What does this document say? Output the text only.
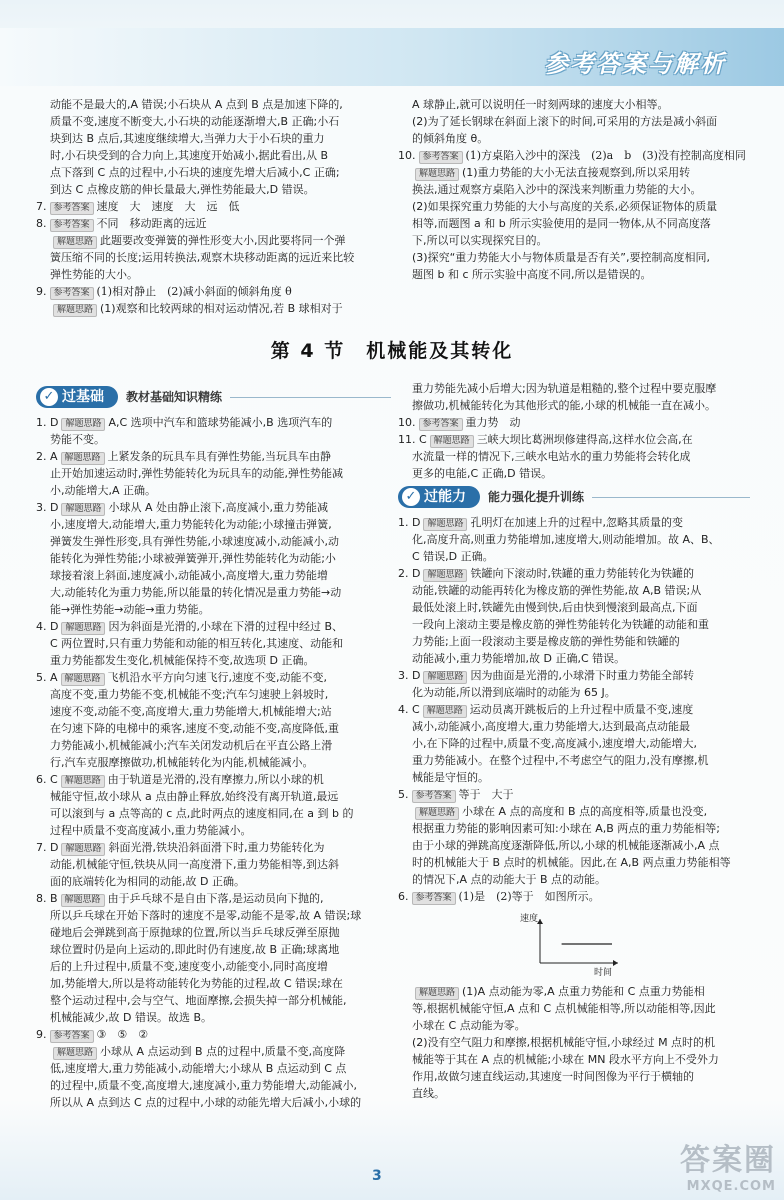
参考答案与解析

动能不是最大的,A 错误;小石块从 A 点到 B 点是加速下降的,

质量不变,速度不断变大,小石块的动能逐渐增大,B 正确;小石

块到达 B 点后,其速度继续增大,当弹力大于小石块的重力

时,小石块受到的合力向上,其速度开始减小,据此看出,从 B

点下落到 C 点的过程中,小石块的速度先增大后减小,C 正确;

到达 C 点橡皮筋的伸长量最大,弹性势能最大,D 错误。

7. 参考答案 速度　大　速度　大　远　低

8. 参考答案 不同　移动距离的远近

解题思路 此题要改变弹簧的弹性形变大小,因此要将同一个弹

簧压缩不同的长度;运用转换法,观察木块移动距离的远近来比较

弹性势能的大小。

9. 参考答案 (1)相对静止　(2)减小斜面的倾斜角度 θ

解题思路 (1)观察和比较两球的相对运动情况,若 B 球相对于

A 球静止,就可以说明任一时刻两球的速度大小相等。

(2)为了延长钢球在斜面上滚下的时间,可采用的方法是减小斜面

的倾斜角度 θ。

10. 参考答案 (1)方桌陷入沙中的深浅　(2)a　b　(3)没有控制高度相同

解题思路 (1)重力势能的大小无法直接观察到,所以采用转

换法,通过观察方桌陷入沙中的深浅来判断重力势能的大小。

(2)如果探究重力势能的大小与高度的关系,必须保证物体的质量

相等,而题图 a 和 b 所示实验使用的是同一物体,从不同高度落

下,所以可以实现探究目的。

(3)探究“重力势能大小与物体质量是否有关”,要控制高度相同,

题图 b 和 c 所示实验中高度不同,所以是错误的。

第 4 节　机械能及其转化
✓ 过基础	教材基础知识精练

1. D 解题思路 A,C 选项中汽车和篮球势能减小,B 选项汽车的

势能不变。

2. A 解题思路 上紧发条的玩具车具有弹性势能,当玩具车由静

止开始加速运动时,弹性势能转化为玩具车的动能,弹性势能减

小,动能增大,A 正确。

3. D 解题思路 小球从 A 处由静止滚下,高度减小,重力势能减

小,速度增大,动能增大,重力势能转化为动能;小球撞击弹簧,

弹簧发生弹性形变,具有弹性势能,小球速度减小,动能减小,动

能转化为弹性势能;小球被弹簧弹开,弹性势能转化为动能;小

球接着滚上斜面,速度减小,动能减小,高度增大,重力势能增

大,动能转化为重力势能,所以能量的转化情况是重力势能→动

能→弹性势能→动能→重力势能。

4. D 解题思路 因为斜面是光滑的,小球在下滑的过程中经过 B、

C 两位置时,只有重力势能和动能的相互转化,其速度、动能和

重力势能都发生变化,机械能保持不变,故选项 D 正确。

5. A 解题思路 飞机沿水平方向匀速飞行,速度不变,动能不变,

高度不变,重力势能不变,机械能不变;汽车匀速驶上斜坡时,

速度不变,动能不变,高度增大,重力势能增大,机械能增大;站

在匀速下降的电梯中的乘客,速度不变,动能不变,高度降低,重

力势能减小,机械能减小;汽车关闭发动机后在平直公路上滑

行,汽车克服摩擦做功,机械能转化为内能,机械能减小。

6. C 解题思路 由于轨道是光滑的,没有摩擦力,所以小球的机

械能守恒,故小球从 a 点由静止释放,始终没有离开轨道,最远

可以滚到与 a 点等高的 c 点,此时两点的速度相同,在 a 到 b 的

过程中质量不变高度减小,重力势能减小。

7. D 解题思路 斜面光滑,铁块沿斜面滑下时,重力势能转化为

动能,机械能守恒,铁块从同一高度滑下,重力势能相等,到达斜

面的底端转化为相同的动能,故 D 正确。

8. B 解题思路 由于乒乓球不是自由下落,是运动员向下抛的,

所以乒乓球在开始下落时的速度不是零,动能不是零,故 A 错误;球

碰地后会弹跳到高于原抛球的位置,所以当乒乓球反弹至原抛

球位置时仍是向上运动的,即此时仍有速度,故 B 正确;球离地

后的上升过程中,质量不变,速度变小,动能变小,同时高度增

加,势能增大,所以是将动能转化为势能的过程,故 C 错误;球在

整个运动过程中,会与空气、地面摩擦,会损失掉一部分机械能,

机械能减少,故 D 错误。故选 B。

9. 参考答案 ③　⑤　②

解题思路 小球从 A 点运动到 B 点的过程中,质量不变,高度降

低,速度增大,重力势能减小,动能增大;小球从 B 点运动到 C 点

的过程中,质量不变,高度增大,速度减小,重力势能增大,动能减小,

所以从 A 点到达 C 点的过程中,小球的动能先增大后减小,小球的

重力势能先减小后增大;因为轨道是粗糙的,整个过程中要克服摩

擦做功,机械能转化为其他形式的能,小球的机械能一直在减小。

10. 参考答案 重力势　动

11. C 解题思路 三峡大坝比葛洲坝修建得高,这样水位会高,在

水流量一样的情况下,三峡水电站水的重力势能将会转化成

更多的电能,C 正确,D 错误。

✓ 过能力	能力强化提升训练

1. D 解题思路 孔明灯在加速上升的过程中,忽略其质量的变

化,高度升高,则重力势能增加,速度增大,则动能增加。故 A、B、

C 错误,D 正确。

2. D 解题思路 铁罐向下滚动时,铁罐的重力势能转化为铁罐的

动能,铁罐的动能再转化为橡皮筋的弹性势能,故 A,B 错误;从

最低处滚上时,铁罐先由慢到快,后由快到慢滚到最高点,下面

一段向上滚动主要是橡皮筋的弹性势能转化为铁罐的动能和重

力势能;上面一段滚动主要是橡皮筋的弹性势能和铁罐的

动能减小,重力势能增加,故 D 正确,C 错误。

3. D 解题思路 因为曲面是光滑的,小球滑下时重力势能全部转

化为动能,所以滑到底端时的动能为 65 J。

4. C 解题思路 运动员离开跳板后的上升过程中质量不变,速度

减小,动能减小,高度增大,重力势能增大,达到最高点动能最

小,在下降的过程中,质量不变,高度减小,速度增大,动能增大,

重力势能减小。在整个过程中,不考虑空气的阻力,没有摩擦,机

械能是守恒的。

5. 参考答案 等于　大于

解题思路 小球在 A 点的高度和 B 点的高度相等,质量也没变,

根据重力势能的影响因素可知:小球在 A,B 两点的重力势能相等;

由于小球的弹跳高度逐渐降低,所以,小球的机械能逐渐减小,A 点

时的机械能大于 B 点时的机械能。因此,在 A,B 两点重力势能相等

的情况下,A 点的动能大于 B 点的动能。

6. 参考答案 (1)是　(2)等于　如图所示。

速度
时间

解题思路 (1)A 点动能为零,A 点重力势能和 C 点重力势能相

等,根据机械能守恒,A 点和 C 点机械能相等,所以动能相等,因此

小球在 C 点动能为零。

(2)没有空气阻力和摩擦,根据机械能守恒,小球经过 M 点时的机

械能等于其在 A 点的机械能;小球在 MN 段水平方向上不受外力

作用,故做匀速直线运动,其速度一时间图像为平行于横轴的

直线。

3	答案圈
MXQE.COM
